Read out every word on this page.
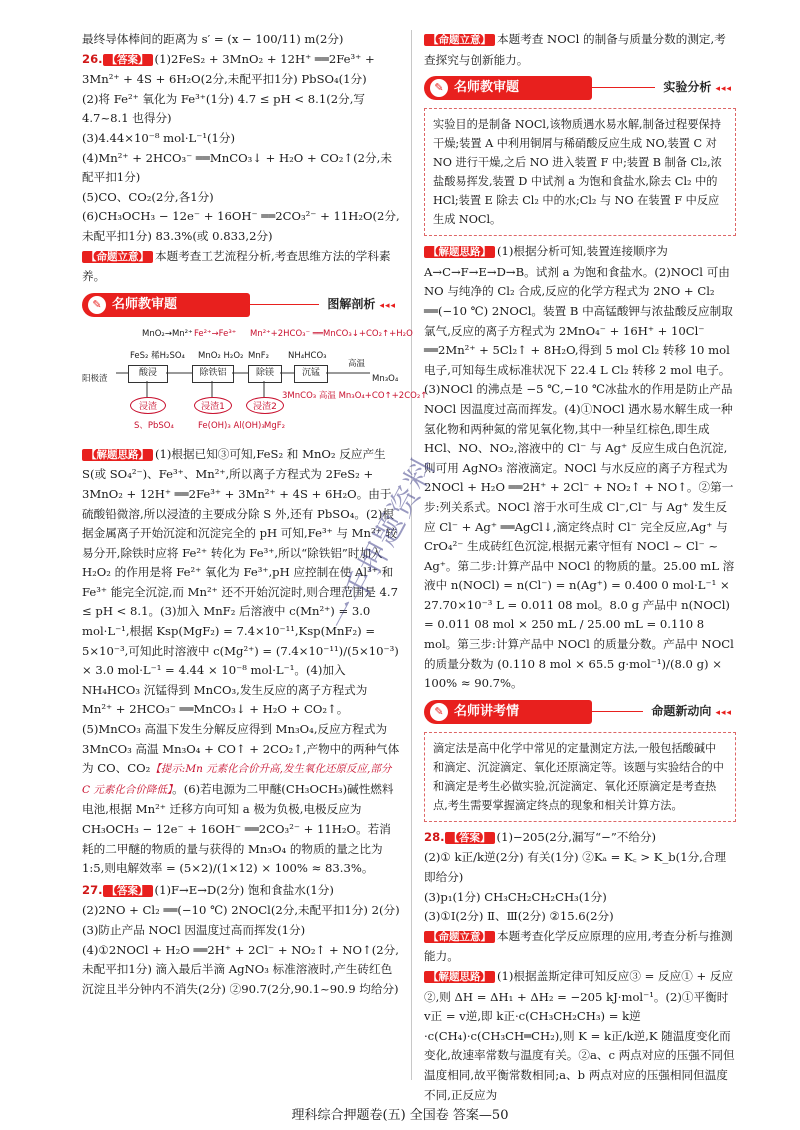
最终导体棒间的距离为 s′ = (x − 100/11) m(2分)

26. 【答案】 (1)2FeS₂ + 3MnO₂ + 12H⁺ ══2Fe³⁺ + 3Mn²⁺ + 4S + 6H₂O(2分,未配平扣1分) PbSO₄(1分)

(2)将 Fe²⁺ 氧化为 Fe³⁺(1分) 4.7 ≤ pH < 8.1(2分,写 4.7~8.1 也得分)

(3)4.44×10⁻⁸ mol·L⁻¹(1分)

(4)Mn²⁺ + 2HCO₃⁻ ══MnCO₃↓ + H₂O + CO₂↑(2分,未配平扣1分)

(5)CO、CO₂(2分,各1分)

(6)CH₃OCH₃ − 12e⁻ + 16OH⁻ ══2CO₃²⁻ + 11H₂O(2分,未配平扣1分) 83.3%(或 0.833,2分)

【命题立意】 本题考查工艺流程分析,考查思维方法的学科素养。

✎ 名师教审题	图解剖析 ◂◂◂
MnO₂→Mn²⁺ Fe²⁺→Fe³⁺ Mn²⁺+2HCO₃⁻ ══MnCO₃↓+CO₂↑+H₂O
FeS₂ 稀H₂SO₄ MnO₂ H₂O₂ MnF₂ NH₄HCO₃
高温
阳极渣
酸浸	除铁铝	除镁	沉锰
Mn₃O₄
浸渣	浸渣1	浸渣2
3MnCO₃ 高温 Mn₃O₄+CO↑+2CO₂↑
S、PbSO₄	Fe(OH)₃ Al(OH)₃ MgF₂

【解题思路】 (1)根据已知③可知,FeS₂ 和 MnO₂ 反应产生 S(或 SO₄²⁻)、Fe³⁺、Mn²⁺,所以离子方程式为 2FeS₂ + 3MnO₂ + 12H⁺ ══2Fe³⁺ + 3Mn²⁺ + 4S + 6H₂O。由于硫酸铅微溶,所以浸渣的主要成分除 S 外,还有 PbSO₄。(2)根据金属离子开始沉淀和沉淀完全的 pH 可知,Fe³⁺ 与 Mn²⁺ 较易分开,除铁时应将 Fe²⁺ 转化为 Fe³⁺,所以“除铁铝”时加入 H₂O₂ 的作用是将 Fe²⁺ 氧化为 Fe³⁺,pH 应控制在使 Al³⁺ 和 Fe³⁺ 能完全沉淀,而 Mn²⁺ 还不开始沉淀时,则合理范围是 4.7 ≤ pH < 8.1。(3)加入 MnF₂ 后溶液中 c(Mn²⁺) = 3.0 mol·L⁻¹,根据 Ksp(MgF₂) = 7.4×10⁻¹¹,Ksp(MnF₂) = 5×10⁻³,可知此时溶液中 c(Mg²⁺) = (7.4×10⁻¹¹)/(5×10⁻³) × 3.0 mol·L⁻¹ = 4.44 × 10⁻⁸ mol·L⁻¹。(4)加入 NH₄HCO₃ 沉锰得到 MnCO₃,发生反应的离子方程式为 Mn²⁺ + 2HCO₃⁻ ══MnCO₃↓ + H₂O + CO₂↑。(5)MnCO₃ 高温下发生分解反应得到 Mn₃O₄,反应方程式为 3MnCO₃ 高温 Mn₃O₄ + CO↑ + 2CO₂↑,产物中的两种气体为 CO、CO₂【提示:Mn 元素化合价升高,发生氧化还原反应,部分 C 元素化合价降低】。(6)若电源为二甲醚(CH₃OCH₃)碱性燃料电池,根据 Mn²⁺ 迁移方向可知 a 极为负极,电极反应为 CH₃OCH₃ − 12e⁻ + 16OH⁻ ══2CO₃²⁻ + 11H₂O。若消耗的二甲醚的物质的量与获得的 Mn₃O₄ 的物质的量之比为 1:5,则电解效率 = (5×2)/(1×12) × 100% ≈ 83.3%。

27. 【答案】 (1)F→E→D(2分) 饱和食盐水(1分)

(2)2NO + Cl₂ ══(−10 ℃) 2NOCl(2分,未配平扣1分) 2(分)

(3)防止产品 NOCl 因温度过高而挥发(1分)

(4)①2NOCl + H₂O ══2H⁺ + 2Cl⁻ + NO₂↑ + NO↑(2分,未配平扣1分) 滴入最后半滴 AgNO₃ 标准溶液时,产生砖红色沉淀且半分钟内不消失(2分) ②90.7(2分,90.1~90.9 均给分)

【命题立意】 本题考查 NOCl 的制备与质量分数的测定,考查探究与创新能力。

✎ 名师教审题	实验分析 ◂◂◂
实验目的是制备 NOCl,该物质遇水易水解,制备过程要保持干燥;装置 A 中利用铜屑与稀硝酸反应生成 NO,装置 C 对 NO 进行干燥,之后 NO 进入装置 F 中;装置 B 制备 Cl₂,浓盐酸易挥发,装置 D 中试剂 a 为饱和食盐水,除去 Cl₂ 中的 HCl;装置 E 除去 Cl₂ 中的水;Cl₂ 与 NO 在装置 F 中反应生成 NOCl。

【解题思路】 (1)根据分析可知,装置连接顺序为 A→C→F→E→D→B。试剂 a 为饱和食盐水。(2)NOCl 可由 NO 与纯净的 Cl₂ 合成,反应的化学方程式为 2NO + Cl₂ ══(−10 ℃) 2NOCl。装置 B 中高锰酸钾与浓盐酸反应制取氯气,反应的离子方程式为 2MnO₄⁻ + 16H⁺ + 10Cl⁻ ══2Mn²⁺ + 5Cl₂↑ + 8H₂O,得到 5 mol Cl₂ 转移 10 mol 电子,可知每生成标准状况下 22.4 L Cl₂ 转移 2 mol 电子。(3)NOCl 的沸点是 −5 ℃,−10 ℃冰盐水的作用是防止产品 NOCl 因温度过高而挥发。(4)①NOCl 遇水易水解生成一种氢化物和两种氮的常见氧化物,其中一种呈红棕色,即生成 HCl、NO、NO₂,溶液中的 Cl⁻ 与 Ag⁺ 反应生成白色沉淀,则可用 AgNO₃ 溶液滴定。NOCl 与水反应的离子方程式为 2NOCl + H₂O ══2H⁺ + 2Cl⁻ + NO₂↑ + NO↑。②第一步:列关系式。NOCl 溶于水可生成 Cl⁻,Cl⁻ 与 Ag⁺ 发生反应 Cl⁻ + Ag⁺ ══AgCl↓,滴定终点时 Cl⁻ 完全反应,Ag⁺ 与 CrO₄²⁻ 生成砖红色沉淀,根据元素守恒有 NOCl ~ Cl⁻ ~ Ag⁺。第二步:计算产品中 NOCl 的物质的量。25.00 mL 溶液中 n(NOCl) = n(Cl⁻) = n(Ag⁺) = 0.400 0 mol·L⁻¹ × 27.70×10⁻³ L = 0.011 08 mol。8.0 g 产品中 n(NOCl) = 0.011 08 mol × 250 mL / 25.00 mL = 0.110 8 mol。第三步:计算产品中 NOCl 的质量分数。产品中 NOCl 的质量分数为 (0.110 8 mol × 65.5 g·mol⁻¹)/(8.0 g) × 100% ≈ 90.7%。

✎ 名师讲考情	命题新动向 ◂◂◂
滴定法是高中化学中常见的定量测定方法,一般包括酸碱中和滴定、沉淀滴定、氧化还原滴定等。该题与实验结合的中和滴定是考生必做实验,沉淀滴定、氧化还原滴定是考查热点,考生需要掌握滴定终点的现象和相关计算方法。

28. 【答案】 (1)−205(2分,漏写“−”不给分)

(2)① k正/k逆(2分) 有关(1分) ②Kₐ = K꜀ > K_b(1分,合理即给分)

(3)p₁(1分) CH₃CH₂CH₂CH₃(1分)

(3)①Ⅰ(2分) Ⅱ、Ⅲ(2分) ②15.6(2分)

【命题立意】 本题考查化学反应原理的应用,考查分析与推测能力。

【解题思路】 (1)根据盖斯定律可知反应③ = 反应① + 反应②,则 ΔH = ΔH₁ + ΔH₂ = −205 kJ·mol⁻¹。(2)①平衡时 v正 = v逆,即 k正·c(CH₃CH₂CH₃) = k逆·c(CH₄)·c(CH₃CH═CH₂),则 K = k正/k逆,K 随温度变化而变化,故速率常数与温度有关。②a、c 两点对应的压强不同但温度相同,故平衡常数相同;a、b 两点对应的压强相同但温度不同,正反应为

一手押题资料
理科综合押题卷(五) 全国卷 答案—50
